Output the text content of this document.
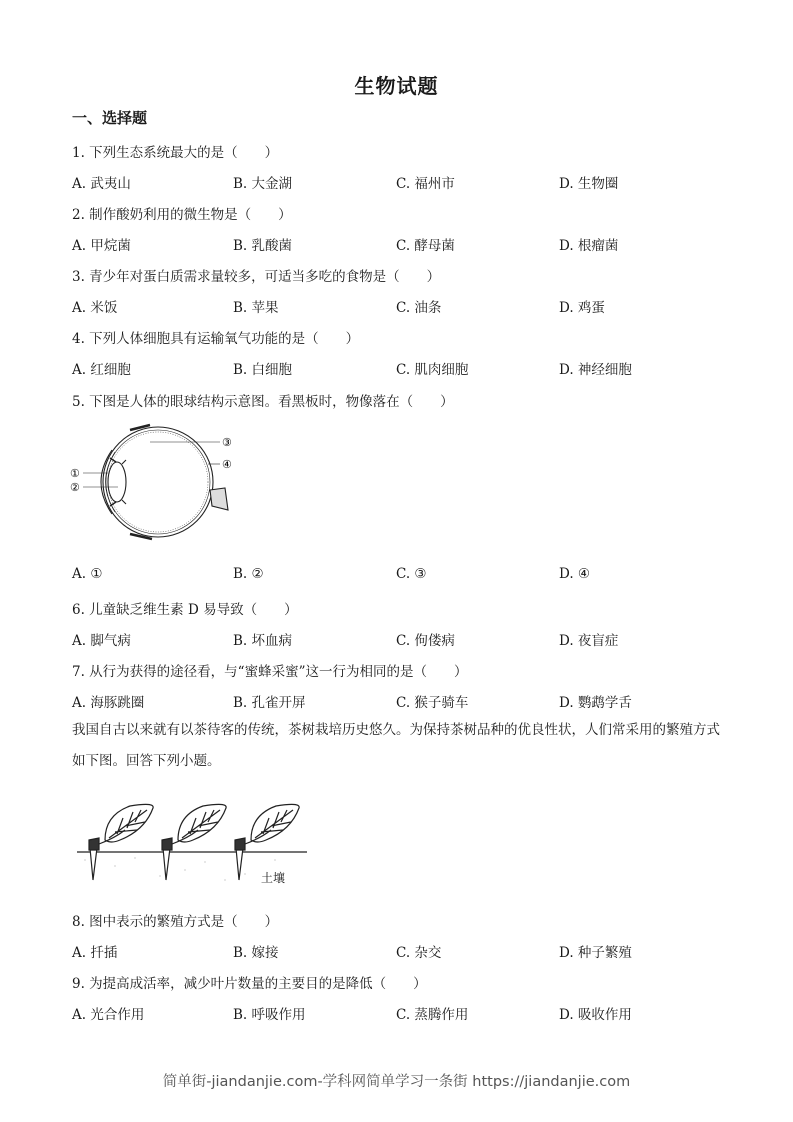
生物试题
一、选择题
1. 下列生态系统最大的是（　　）
A. 武夷山	B. 大金湖	C. 福州市	D. 生物圈
2. 制作酸奶利用的微生物是（　　）
A. 甲烷菌	B. 乳酸菌	C. 酵母菌	D. 根瘤菌
3. 青少年对蛋白质需求量较多，可适当多吃的食物是（　　）
A. 米饭	B. 苹果	C. 油条	D. 鸡蛋
4. 下列人体细胞具有运输氧气功能的是（　　）
A. 红细胞	B. 白细胞	C. 肌肉细胞	D. 神经细胞
5. 下图是人体的眼球结构示意图。看黑板时，物像落在（　　）
③
④
①
②
A. ①	B. ②	C. ③	D. ④
6. 儿童缺乏维生素 D 易导致（　　）
A. 脚气病	B. 坏血病	C. 佝偻病	D. 夜盲症
7. 从行为获得的途径看，与“蜜蜂采蜜”这一行为相同的是（　　）
A. 海豚跳圈	B. 孔雀开屏	C. 猴子骑车	D. 鹦鹉学舌
我国自古以来就有以茶待客的传统，茶树栽培历史悠久。为保持茶树品种的优良性状，人们常采用的繁殖方式如下图。回答下列小题。
土壤
8. 图中表示的繁殖方式是（　　）
A. 扦插	B. 嫁接	C. 杂交	D. 种子繁殖
9. 为提高成活率，减少叶片数量的主要目的是降低（　　）
A. 光合作用	B. 呼吸作用	C. 蒸腾作用	D. 吸收作用
简单街-jiandanjie.com-学科网简单学习一条街 https://jiandanjie.com
